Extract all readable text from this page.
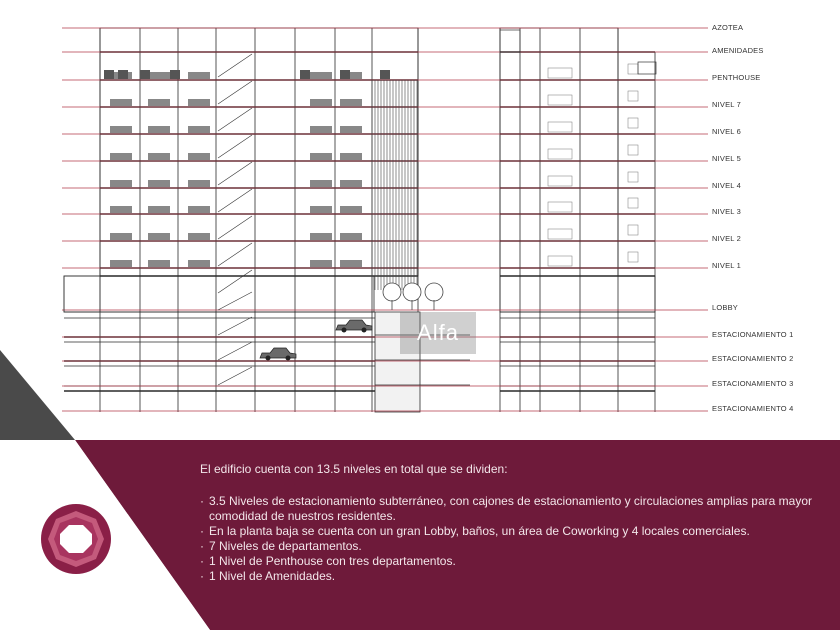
AZOTEA
AMENIDADES
PENTHOUSE
NIVEL 7
NIVEL 6
NIVEL 5
NIVEL 4
NIVEL 3
NIVEL 2
NIVEL 1
LOBBY
ESTACIONAMIENTO 1
ESTACIONAMIENTO 2
ESTACIONAMIENTO 3
ESTACIONAMIENTO 4
Alfa

El edificio cuenta con 13.5 niveles en total que se dividen:

· 3.5 Niveles de estacionamiento subterráneo, con cajones de estacionamiento y circulaciones amplias para mayor comodidad de nuestros residentes.
· En la planta baja se cuenta con un gran Lobby, baños, un área de Coworking y 4 locales comerciales.
· 7 Niveles de departamentos.
· 1 Nivel de Penthouse con tres departamentos.
· 1 Nivel de Amenidades.
